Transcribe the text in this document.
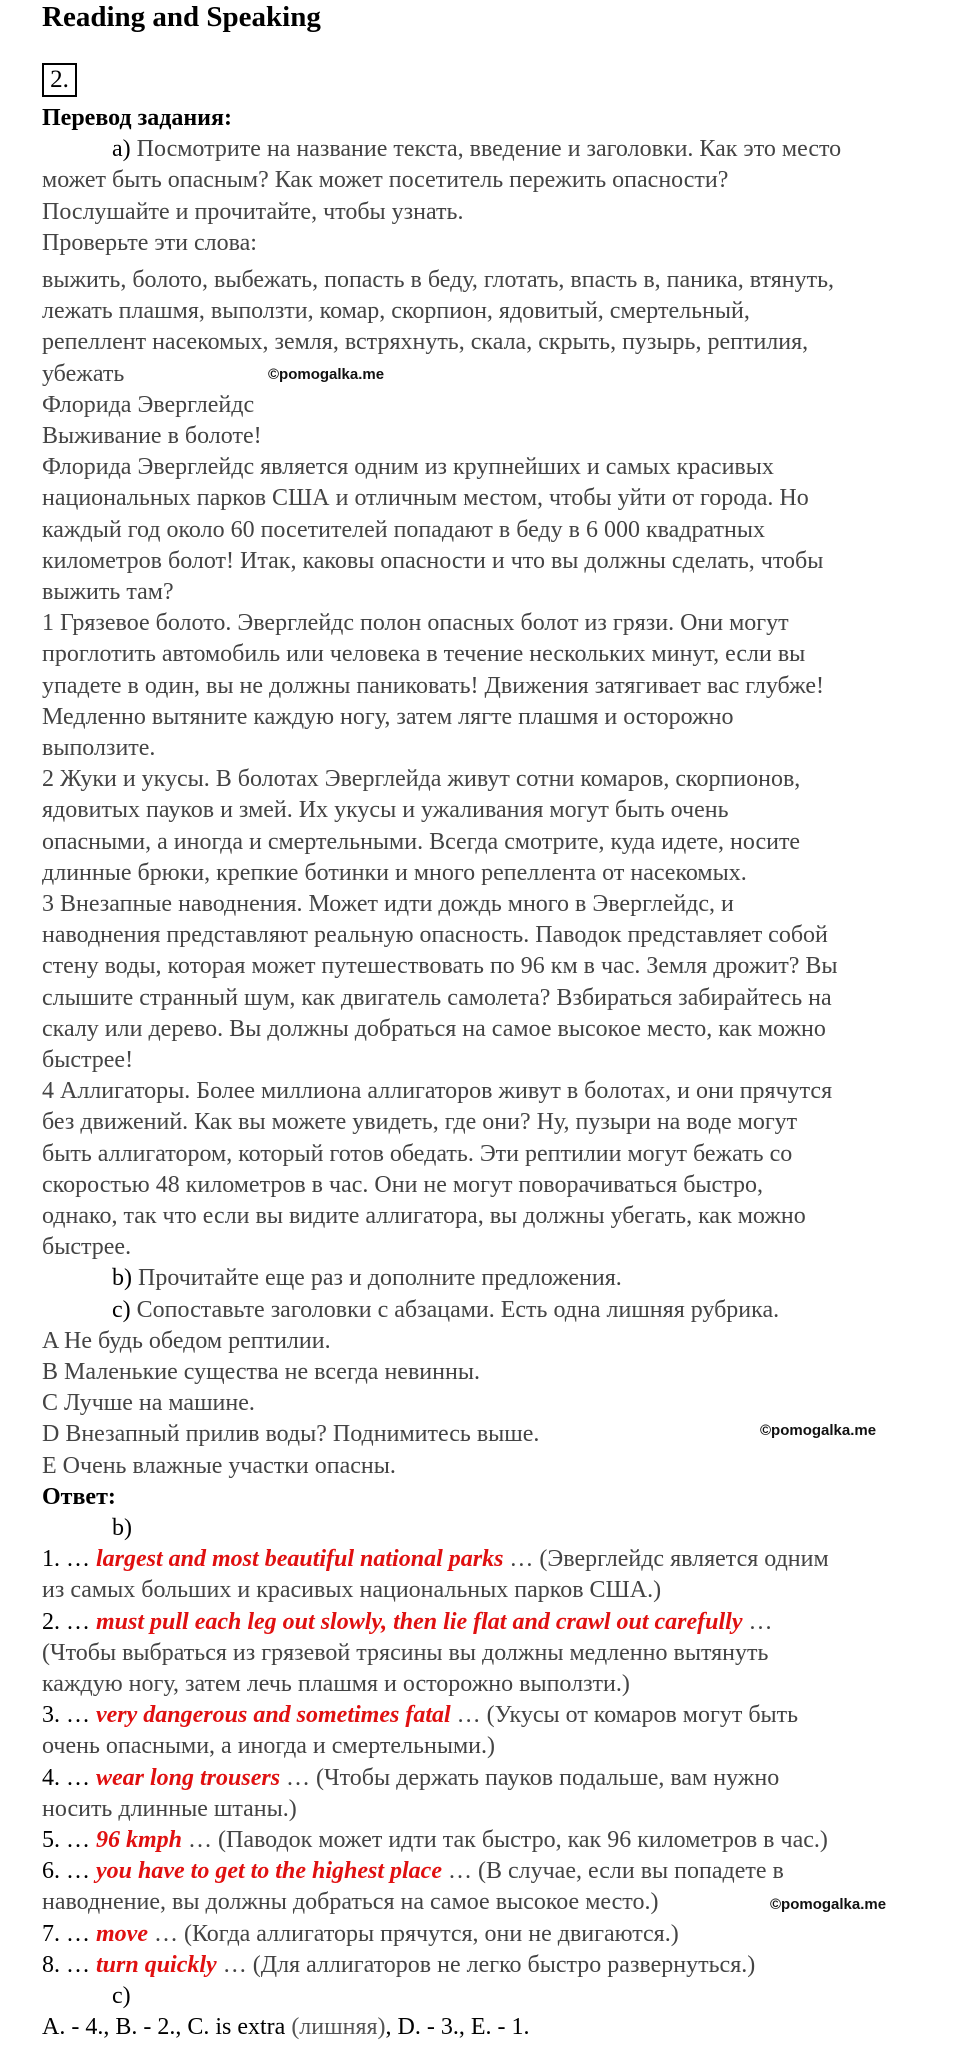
Reading and Speaking
2.
Перевод задания:
a) Посмотрите на название текста, введение и заголовки. Как это место
может быть опасным? Как может посетитель пережить опасности?
Послушайте и прочитайте, чтобы узнать.
Проверьте эти слова:
выжить, болото, выбежать, попасть в беду, глотать, впасть в, паника, втянуть,
лежать плашмя, выползти, комар, скорпион, ядовитый, смертельный,
репеллент насекомых, земля, встряхнуть, скала, скрыть, пузырь, рептилия,
убежать	©pomogalka.me
Флорида Эверглейдс
Выживание в болоте!
Флорида Эверглейдс является одним из крупнейших и самых красивых
национальных парков США и отличным местом, чтобы уйти от города. Но
каждый год около 60 посетителей попадают в беду в 6 000 квадратных
километров болот! Итак, каковы опасности и что вы должны сделать, чтобы
выжить там?
1 Грязевое болото. Эверглейдс полон опасных болот из грязи. Они могут
проглотить автомобиль или человека в течение нескольких минут, если вы
упадете в один, вы не должны паниковать! Движения затягивает вас глубже!
Медленно вытяните каждую ногу, затем лягте плашмя и осторожно
выползите.
2 Жуки и укусы. В болотах Эверглейда живут сотни комаров, скорпионов,
ядовитых пауков и змей. Их укусы и ужаливания могут быть очень
опасными, а иногда и смертельными. Всегда смотрите, куда идете, носите
длинные брюки, крепкие ботинки и много репеллента от насекомых.
3 Внезапные наводнения. Может идти дождь много в Эверглейдс, и
наводнения представляют реальную опасность. Паводок представляет собой
стену воды, которая может путешествовать по 96 км в час. Земля дрожит? Вы
слышите странный шум, как двигатель самолета? Взбираться забирайтесь на
скалу или дерево. Вы должны добраться на самое высокое место, как можно
быстрее!
4 Аллигаторы. Более миллиона аллигаторов живут в болотах, и они прячутся
без движений. Как вы можете увидеть, где они? Ну, пузыри на воде могут
быть аллигатором, который готов обедать. Эти рептилии могут бежать со
скоростью 48 километров в час. Они не могут поворачиваться быстро,
однако, так что если вы видите аллигатора, вы должны убегать, как можно
быстрее.
b) Прочитайте еще раз и дополните предложения.
c) Сопоставьте заголовки с абзацами. Есть одна лишняя рубрика.
A Не будь обедом рептилии.
B Маленькие существа не всегда невинны.
C Лучше на машине.
D Внезапный прилив воды? Поднимитесь выше.
E Очень влажные участки опасны.
©pomogalka.me
Ответ:
b)
1. … largest and most beautiful national parks … (Эверглейдс является одним
из самых больших и красивых национальных парков США.)
2. … must pull each leg out slowly, then lie flat and crawl out carefully …
(Чтобы выбраться из грязевой трясины вы должны медленно вытянуть
каждую ногу, затем лечь плашмя и осторожно выползти.)
3. … very dangerous and sometimes fatal … (Укусы от комаров могут быть
очень опасными, а иногда и смертельными.)
4. … wear long trousers … (Чтобы держать пауков подальше, вам нужно
носить длинные штаны.)
5. … 96 kmph … (Паводок может идти так быстро, как 96 километров в час.)
6. … you have to get to the highest place … (В случае, если вы попадете в
©pomogalka.me
наводнение, вы должны добраться на самое высокое место.)
7. … move … (Когда аллигаторы прячутся, они не двигаются.)
8. … turn quickly … (Для аллигаторов не легко быстро развернуться.)
c)
A. - 4., B. - 2., C. is extra (лишняя), D. - 3., E. - 1.
